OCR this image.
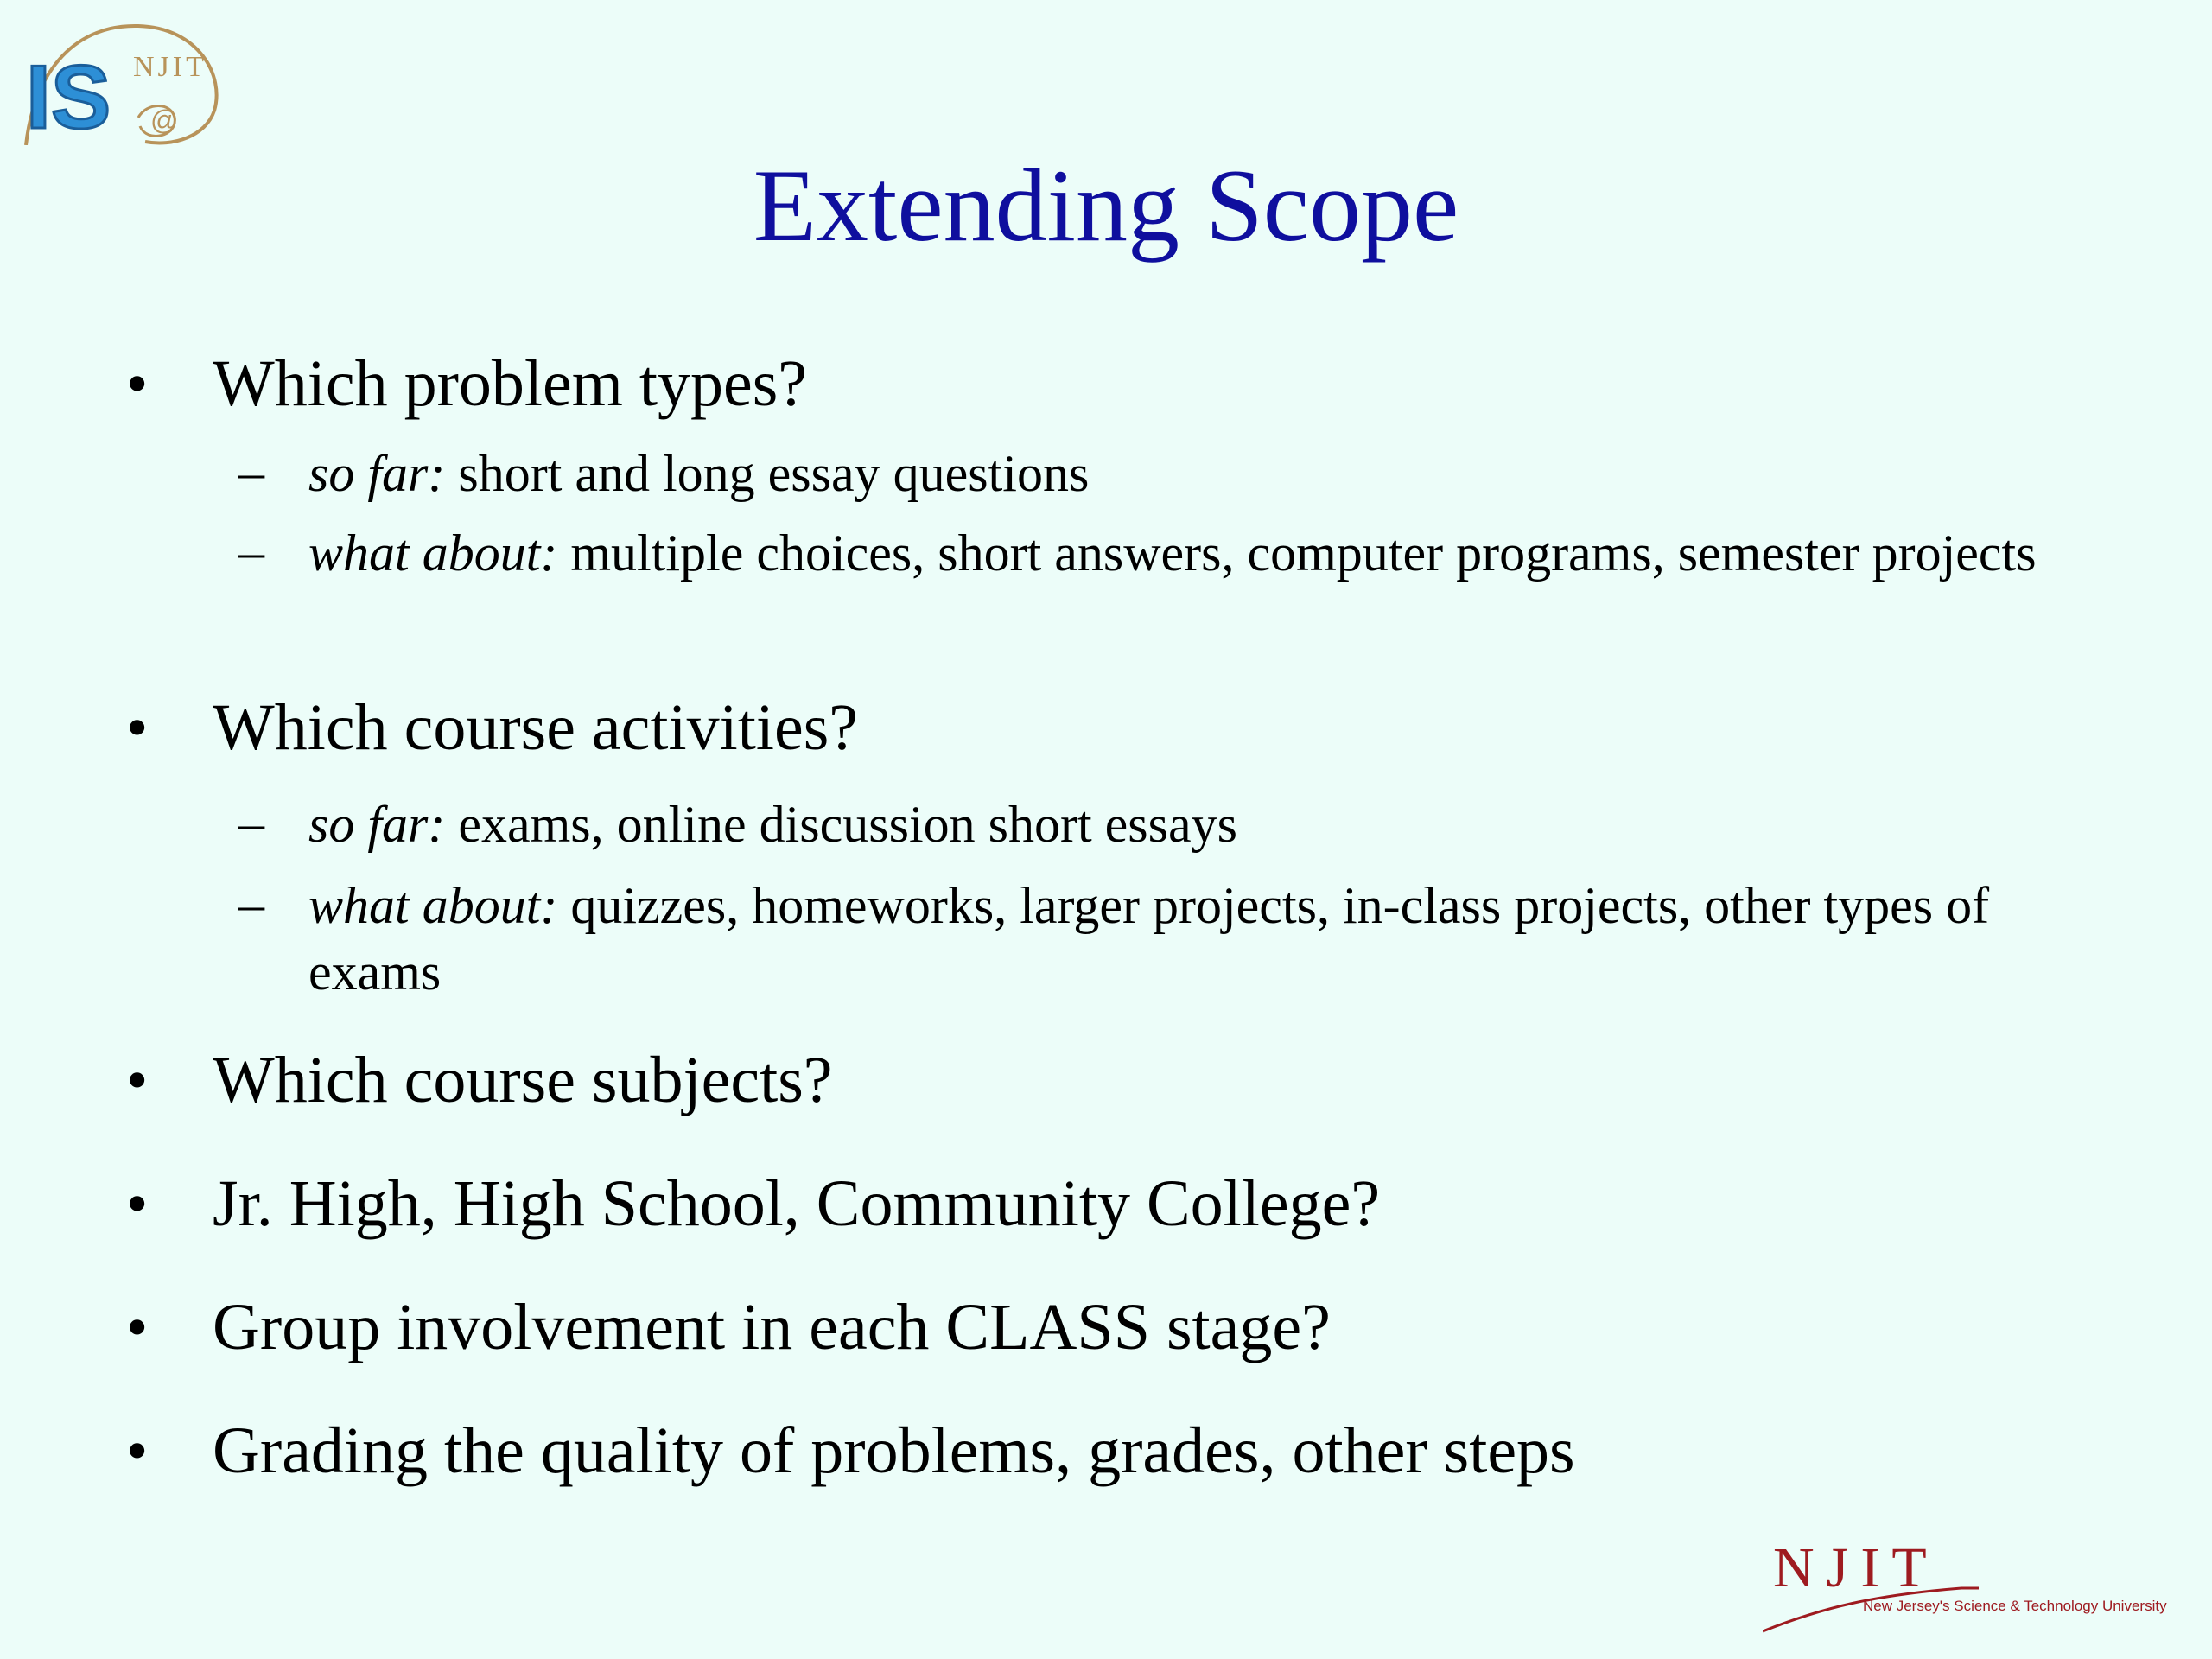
IS NJIT
@
Extending Scope
• Which problem types?
– so far: short and long essay questions
– what about: multiple choices, short answers, computer programs, semester projects
• Which course activities?
– so far: exams, online discussion short essays
– what about: quizzes, homeworks, larger projects, in-class projects, other types of exams
• Which course subjects?
• Jr. High, High School, Community College?
• Group involvement in each CLASS stage?
• Grading the quality of problems, grades, other steps
NJIT
New Jersey's Science & Technology University
